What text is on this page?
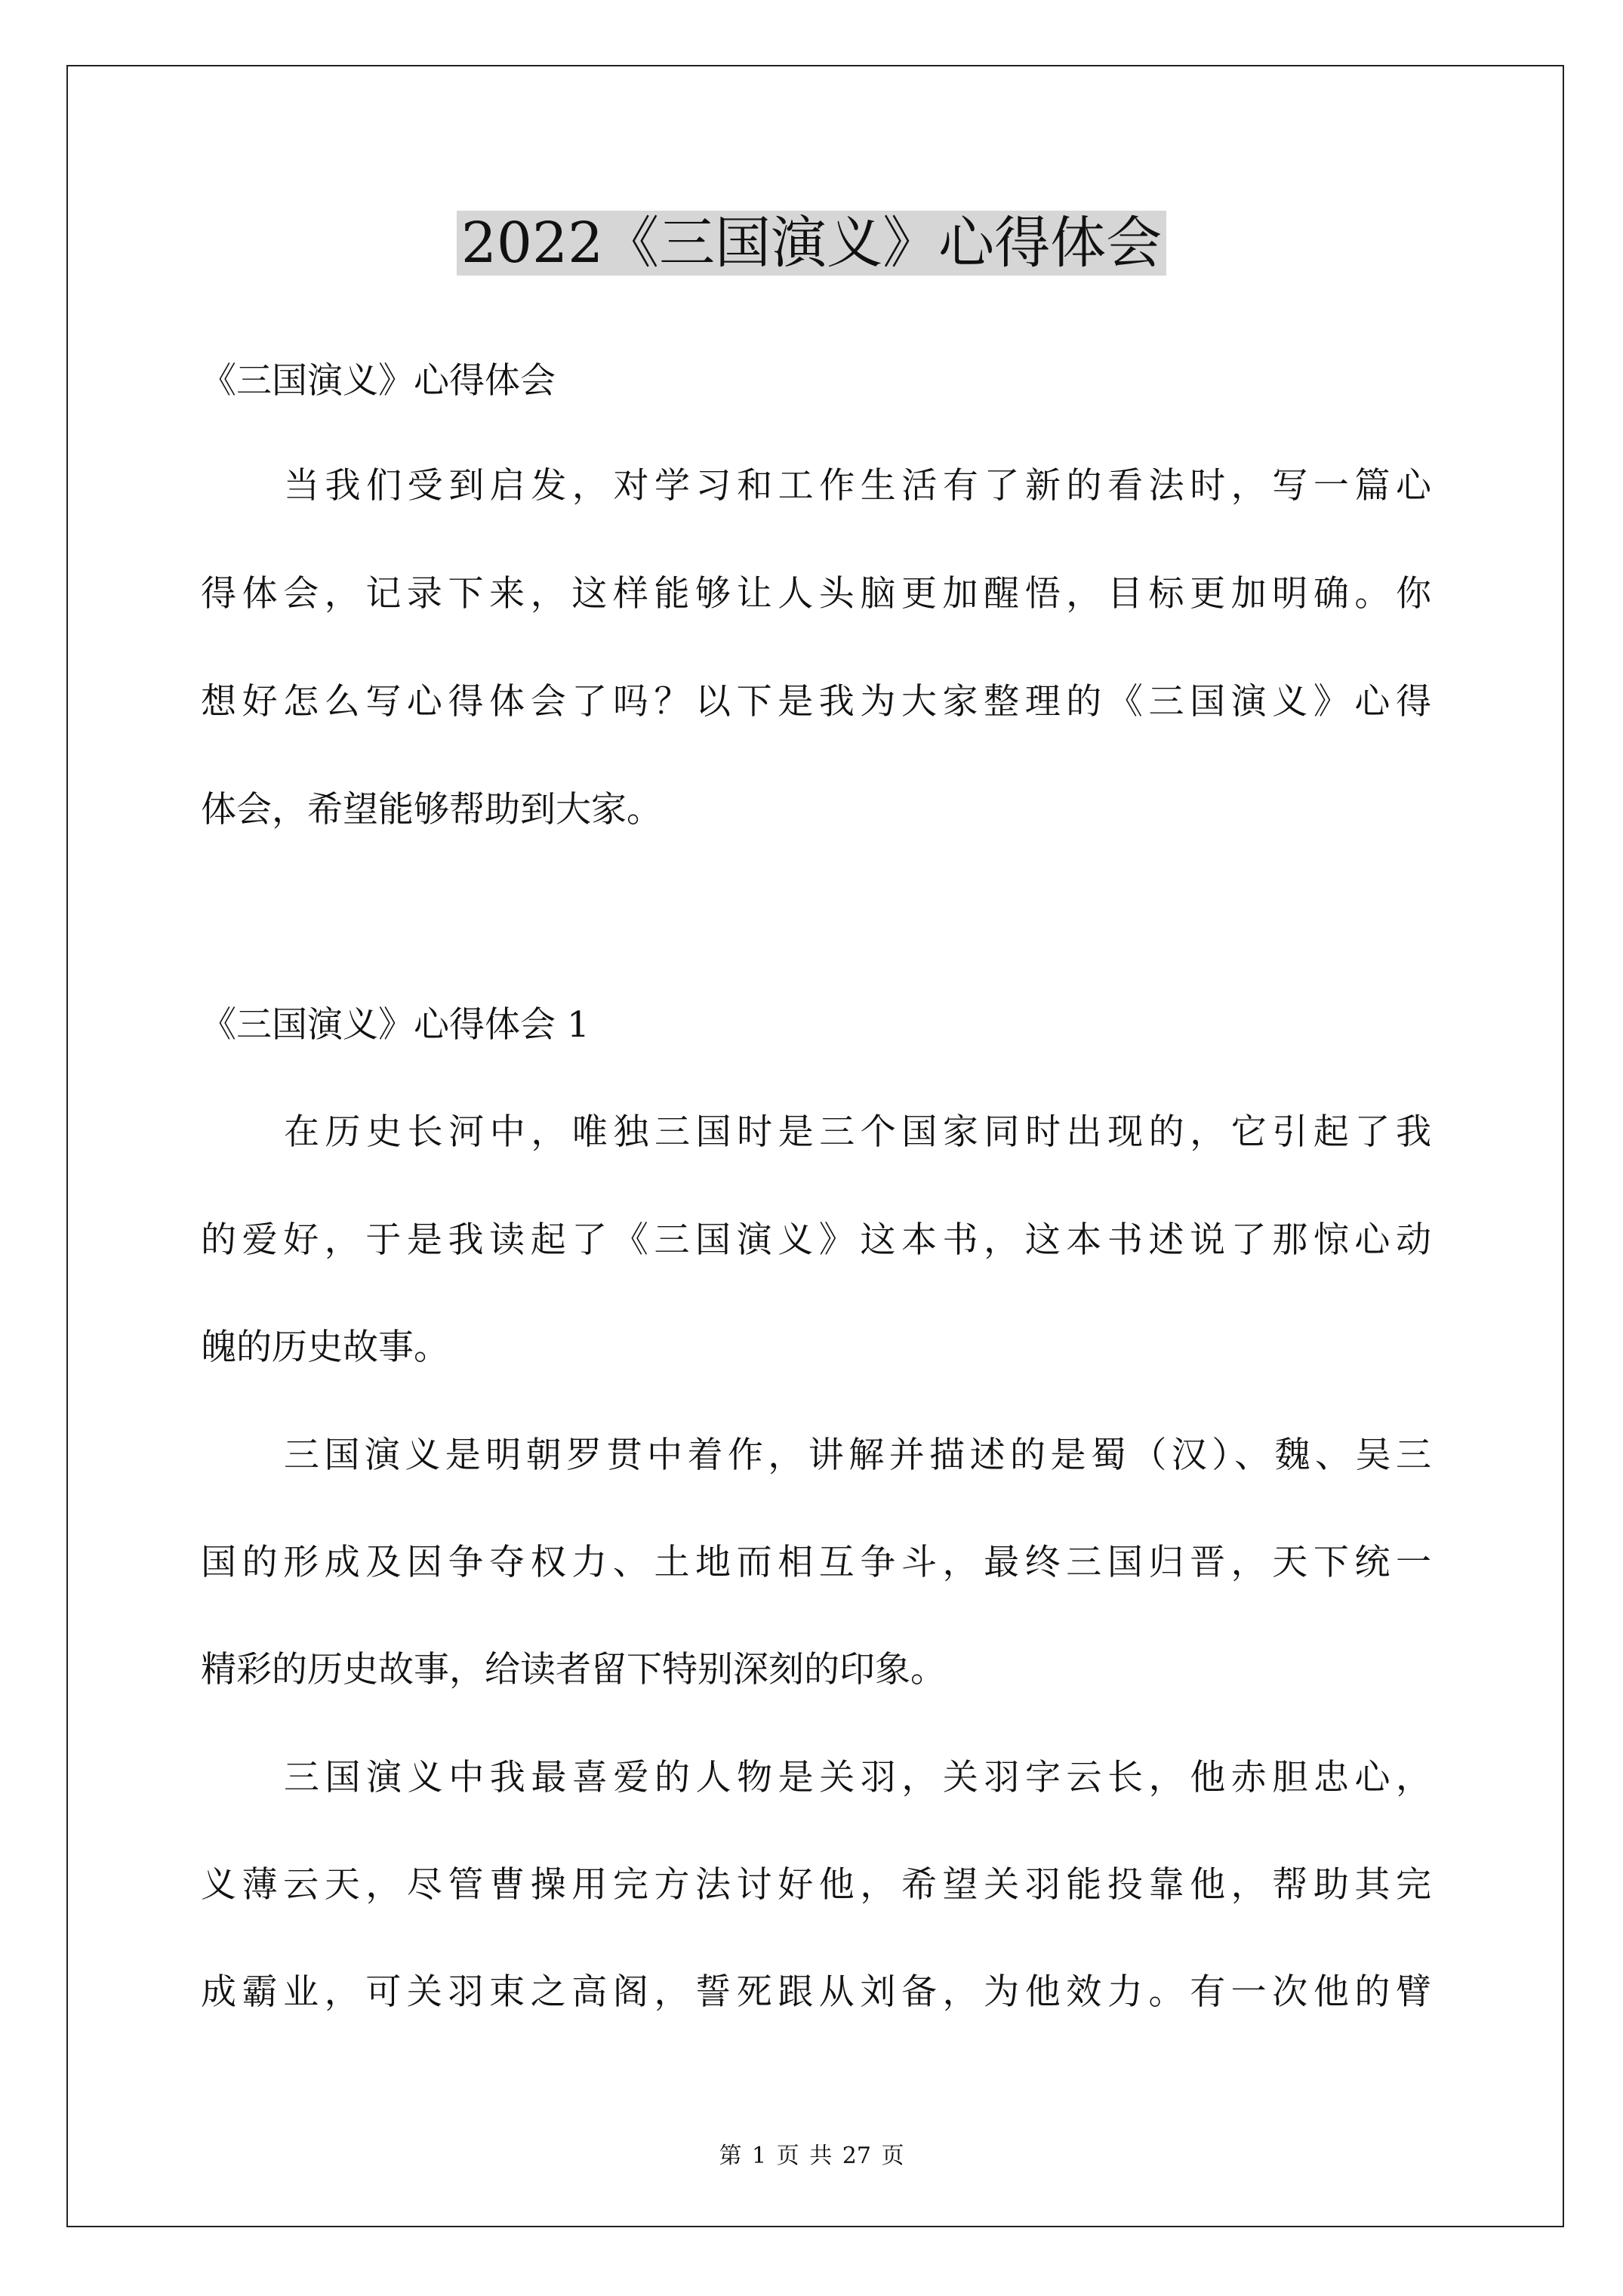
2022《三国演义》心得体会
《三国演义》心得体会
当我们受到启发，对学习和工作生活有了新的看法时，写一篇心
得体会，记录下来，这样能够让人头脑更加醒悟，目标更加明确。你
想好怎么写心得体会了吗？以下是我为大家整理的《三国演义》心得
体会，希望能够帮助到大家。
《三国演义》心得体会 1
在历史长河中，唯独三国时是三个国家同时出现的，它引起了我
的爱好，于是我读起了《三国演义》这本书，这本书述说了那惊心动
魄的历史故事。
三国演义是明朝罗贯中着作，讲解并描述的是蜀（汉）、魏、吴三
国的形成及因争夺权力、土地而相互争斗，最终三国归晋，天下统一
精彩的历史故事，给读者留下特别深刻的印象。
三国演义中我最喜爱的人物是关羽，关羽字云长，他赤胆忠心，
义薄云天，尽管曹操用完方法讨好他，希望关羽能投靠他，帮助其完
成霸业，可关羽束之高阁，誓死跟从刘备，为他效力。有一次他的臂
第 1 页 共 27 页
